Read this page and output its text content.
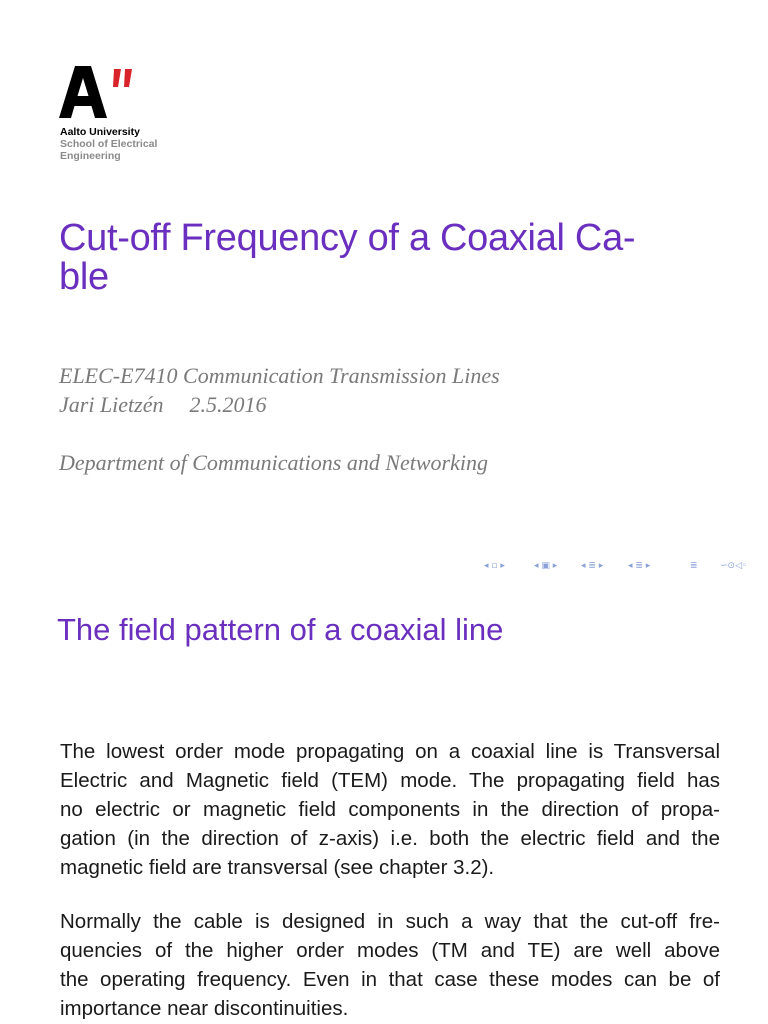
Aalto University
School of Electrical
Engineering
Cut-off Frequency of a Coaxial Ca-
ble
ELEC-E7410 Communication Transmission Lines
Jari Lietzén 2.5.2016
Department of Communications and Networking
◂ ▫ ▸	◂ ▣ ▸	◂ ≣ ▸	◂ ≣ ▸	≣ ∽⊙◁◦
The field pattern of a coaxial line
The lowest order mode propagating on a coaxial line is Transversal
Electric and Magnetic field (TEM) mode. The propagating field has
no electric or magnetic field components in the direction of propa-
gation (in the direction of z-axis) i.e. both the electric field and the
magnetic field are transversal (see chapter 3.2).
Normally the cable is designed in such a way that the cut-off fre-
quencies of the higher order modes (TM and TE) are well above
the operating frequency. Even in that case these modes can be of
importance near discontinuities.
